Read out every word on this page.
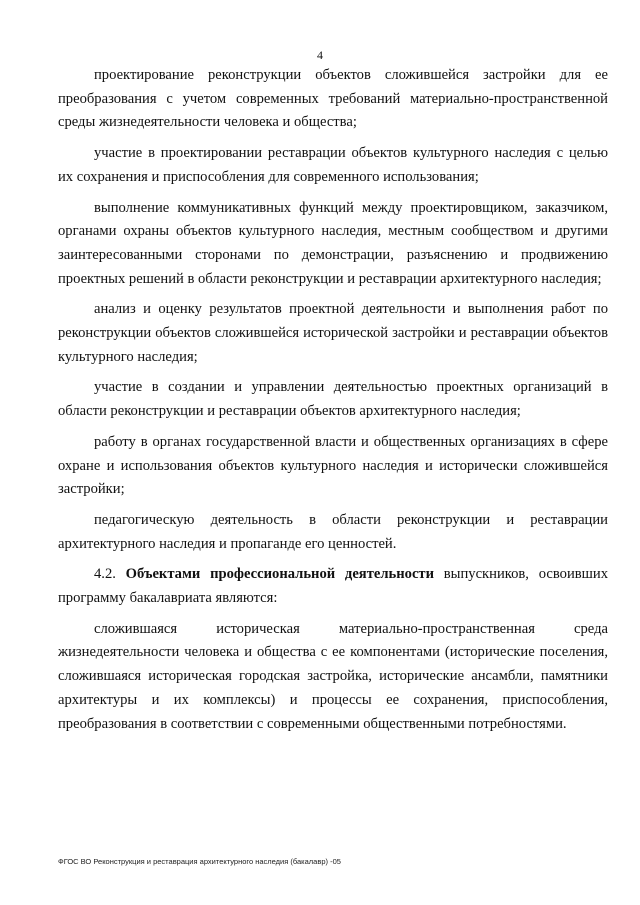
4

проектирование реконструкции объектов сложившейся застройки для ее преобразования с учетом современных требований материально-пространственной среды жизнедеятельности человека и общества;

участие в проектировании реставрации объектов культурного наследия с целью их сохранения и приспособления для современного использования;

выполнение коммуникативных функций между проектировщиком, заказчиком, органами охраны объектов культурного наследия, местным сообществом и другими заинтересованными сторонами по демонстрации, разъяснению и продвижению проектных решений в области реконструкции и реставрации архитектурного наследия;

анализ и оценку результатов проектной деятельности и выполнения работ по реконструкции объектов сложившейся исторической застройки и реставрации объектов культурного наследия;

участие в создании и управлении деятельностью проектных организаций в области реконструкции и реставрации объектов архитектурного наследия;

работу в органах государственной власти и общественных организациях в сфере охране и использования объектов культурного наследия и исторически сложившейся застройки;

педагогическую деятельность в области реконструкции и реставрации архитектурного наследия и пропаганде его ценностей.

4.2. Объектами профессиональной деятельности выпускников, освоивших программу бакалавриата являются:

сложившаяся историческая материально-пространственная среда жизнедеятельности человека и общества с ее компонентами (исторические поселения, сложившаяся историческая городская застройка, исторические ансамбли, памятники архитектуры и их комплексы) и процессы ее сохранения, приспособления, преобразования в соответствии с современными общественными потребностями.

ФГОС ВО Реконструкция и реставрация архитектурного наследия (бакалавр) -05
